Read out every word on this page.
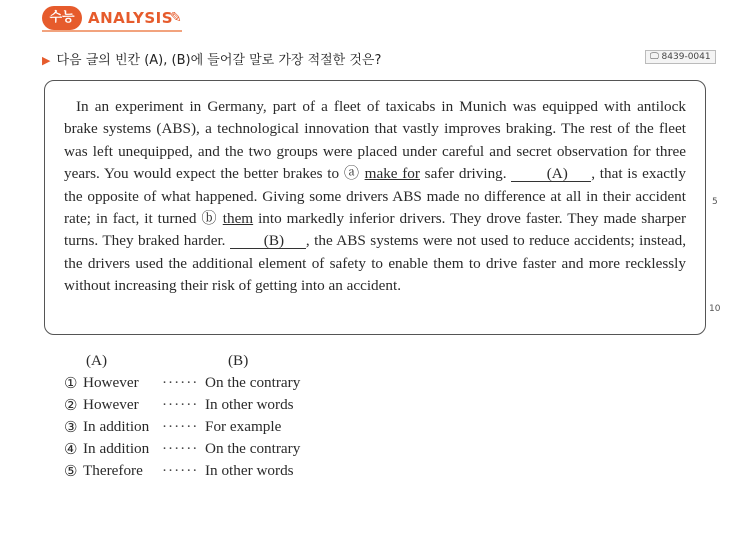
수능 ANALYSIS
✎
▶ 다음 글의 빈칸 (A), (B)에 들어갈 말로 가장 적절한 것은?	🖵 8439-0041

In an experiment in Germany, part of a fleet of taxicabs in Munich was equipped with antilock brake systems (ABS), a technological innovation that vastly improves braking. The rest of the fleet was left unequipped, and the two groups were placed under careful and secret observation for three years. You would expect the better brakes to ⓐ make for safer driving. (A) , that is exactly the opposite of what happened. Giving some drivers ABS made no difference at all in their accident rate; in fact, it turned ⓑ them into markedly inferior drivers. They drove faster. They made sharper turns. They braked harder. (B) , the ABS systems were not used to reduce accidents; instead, the drivers used the additional element of safety to enable them to drive faster and more recklessly without increasing their risk of getting into an accident.

5
10
(A)	(B)
① However ······ On the contrary
② However ······ In other words
③ In addition ······ For example
④ In addition ······ On the contrary
⑤ Therefore ······ In other words
